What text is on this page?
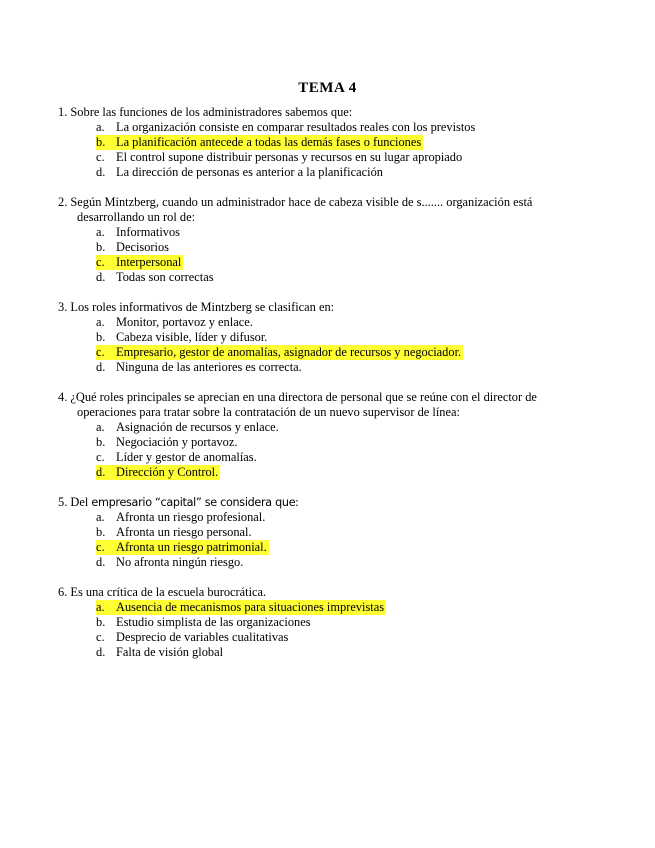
TEMA 4
1. Sobre las funciones de los administradores sabemos que:
a. La organización consiste en comparar resultados reales con los previstos
b. La planificación antecede a todas las demás fases o funciones
c. El control supone distribuir personas y recursos en su lugar apropiado
d. La dirección de personas es anterior a la planificación
2. Según Mintzberg, cuando un administrador hace de cabeza visible de s....... organización está desarrollando un rol de:
a. Informativos
b. Decisorios
c. Interpersonal
d. Todas son correctas
3. Los roles informativos de Mintzberg se clasifican en:
a. Monitor, portavoz y enlace.
b. Cabeza visible, líder y difusor.
c. Empresario, gestor de anomalías, asignador de recursos y negociador.
d. Ninguna de las anteriores es correcta.
4. ¿Qué roles principales se aprecian en una directora de personal que se reúne con el director de operaciones para tratar sobre la contratación de un nuevo supervisor de línea:
a. Asignación de recursos y enlace.
b. Negociación y portavoz.
c. Líder y gestor de anomalías.
d. Dirección y Control.
5. Del empresario “capital” se considera que:
a. Afronta un riesgo profesional.
b. Afronta un riesgo personal.
c. Afronta un riesgo patrimonial.
d. No afronta ningún riesgo.
6. Es una crítica de la escuela burocrática.
a. Ausencia de mecanismos para situaciones imprevistas
b. Estudio simplista de las organizaciones
c. Desprecio de variables cualitativas
d. Falta de visión global
